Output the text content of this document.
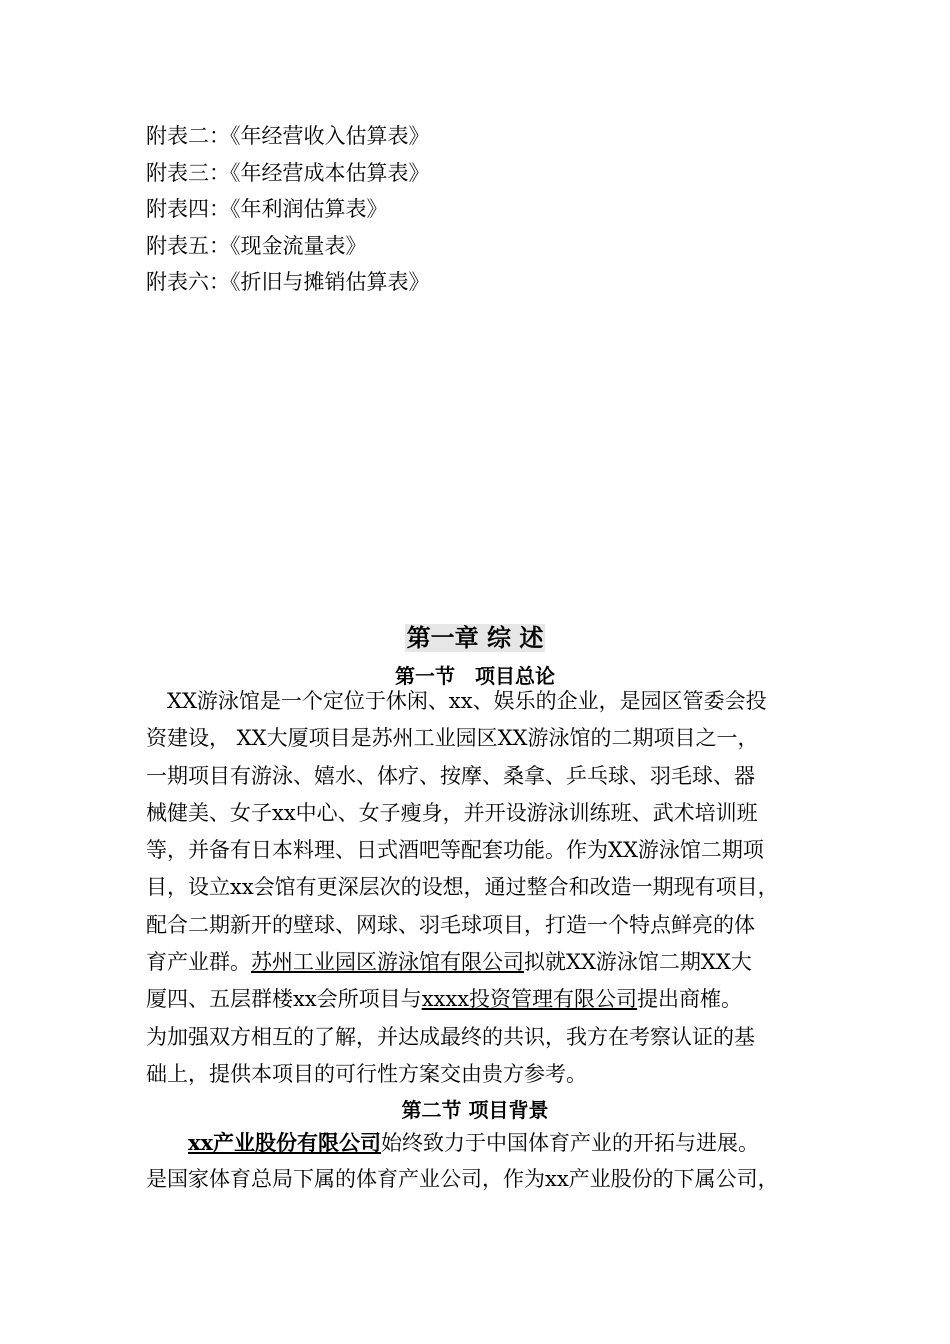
附表二：《年经营收入估算表》
附表三：《年经营成本估算表》
附表四：《年利润估算表》
附表五：《现金流量表》
附表六：《折旧与摊销估算表》
第一章 综 述
第一节　项目总论
　XX游泳馆是一个定位于休闲、xx、娱乐的企业，是园区管委会投
资建设， XX大厦项目是苏州工业园区XX游泳馆的二期项目之一，
一期项目有游泳、嬉水、体疗、按摩、桑拿、乒乓球、羽毛球、器
械健美、女子xx中心、女子瘦身，并开设游泳训练班、武术培训班
等，并备有日本料理、日式酒吧等配套功能。作为XX游泳馆二期项
目，设立xx会馆有更深层次的设想，通过整合和改造一期现有项目，
配合二期新开的壁球、网球、羽毛球项目，打造一个特点鲜亮的体
育产业群。苏州工业园区游泳馆有限公司拟就XX游泳馆二期XX大
厦四、五层群楼xx会所项目与xxxx投资管理有限公司提出商榷。
为加强双方相互的了解，并达成最终的共识，我方在考察认证的基
础上，提供本项目的可行性方案交由贵方参考。
第二节 项目背景
　　xx产业股份有限公司始终致力于中国体育产业的开拓与进展。
是国家体育总局下属的体育产业公司，作为xx产业股份的下属公司，
